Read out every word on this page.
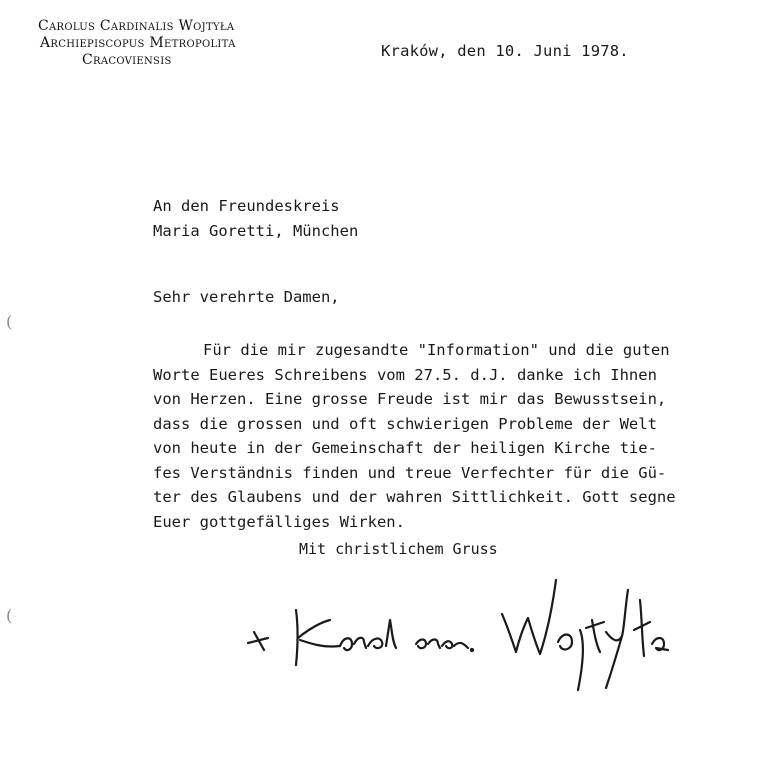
Carolus Cardinalis Wojtyła
Archiepiscopus Metropolita
Cracoviensis	Kraków, den 10. Juni 1978.
An den Freundeskreis
Maria Goretti, München
Sehr verehrte Damen,
Für die mir zugesandte "Information" und die guten
Worte Eueres Schreibens vom 27.5. d.J. danke ich Ihnen
von Herzen. Eine grosse Freude ist mir das Bewusstsein,
dass die grossen und oft schwierigen Probleme der Welt
von heute in der Gemeinschaft der heiligen Kirche tie-
fes Verständnis finden und treue Verfechter für die Gü-
ter des Glaubens und der wahren Sittlichkeit. Gott segne
Euer gottgefälliges Wirken.
Mit christlichem Gruss
(
(
